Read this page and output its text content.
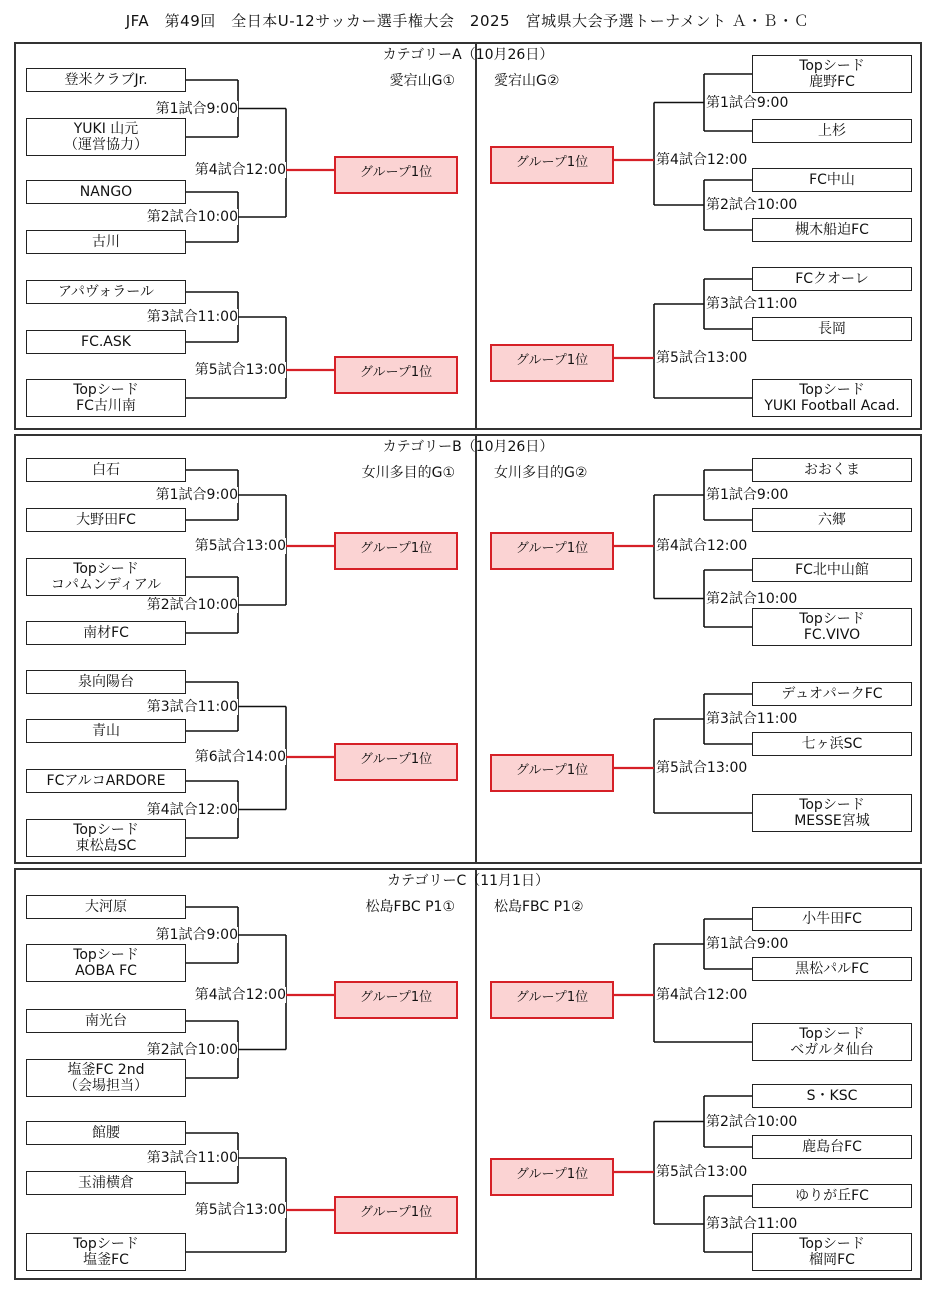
JFA　第49回　全日本U-12サッカー選手権大会　2025　宮城県大会予選トーナメント Ａ・Ｂ・Ｃ
カテゴリーA（10月26日）
愛宕山G①	愛宕山G②
登米クラブJr.
YUKI 山元
（運営協力）
NANGO
古川
第1試合9:00
第2試合10:00
第4試合12:00	グループ1位
アパヴォラール
FC.ASK
Topシード
FC古川南
第3試合11:00
第5試合13:00	グループ1位
Topシード
鹿野FC
上杉
FC中山
槻木船迫FC
第1試合9:00
第2試合10:00
第4試合12:00
グループ1位
FCクオーレ
長岡
Topシード
YUKI Football Acad.
第3試合11:00
第5試合13:00
グループ1位
カテゴリーB（10月26日）
女川多目的G①	女川多目的G②
白石
大野田FC
Topシード
コパムンディアル
南材FC
第1試合9:00
第2試合10:00
第5試合13:00	グループ1位
泉向陽台
青山
FCアルコARDORE
Topシード
東松島SC
第3試合11:00
第4試合12:00
第6試合14:00	グループ1位
おおくま
六郷
FC北中山館
Topシード
FC.VIVO
第1試合9:00
第2試合10:00
第4試合12:00
グループ1位
デュオパークFC
七ヶ浜SC
Topシード
MESSE宮城
第3試合11:00
第5試合13:00
グループ1位
カテゴリーC（11月1日）
松島FBC P1①	松島FBC P1②
大河原
Topシード
AOBA FC
南光台
塩釜FC 2nd
（会場担当）
第1試合9:00
第2試合10:00
第4試合12:00	グループ1位
館腰
玉浦横倉
Topシード
塩釜FC
第3試合11:00
第5試合13:00	グループ1位
小牛田FC
黒松パルFC
Topシード
ベガルタ仙台
第1試合9:00
第4試合12:00
グループ1位
S・KSC
鹿島台FC
ゆりが丘FC
Topシード
榴岡FC
第2試合10:00
第3試合11:00
第5試合13:00
グループ1位
